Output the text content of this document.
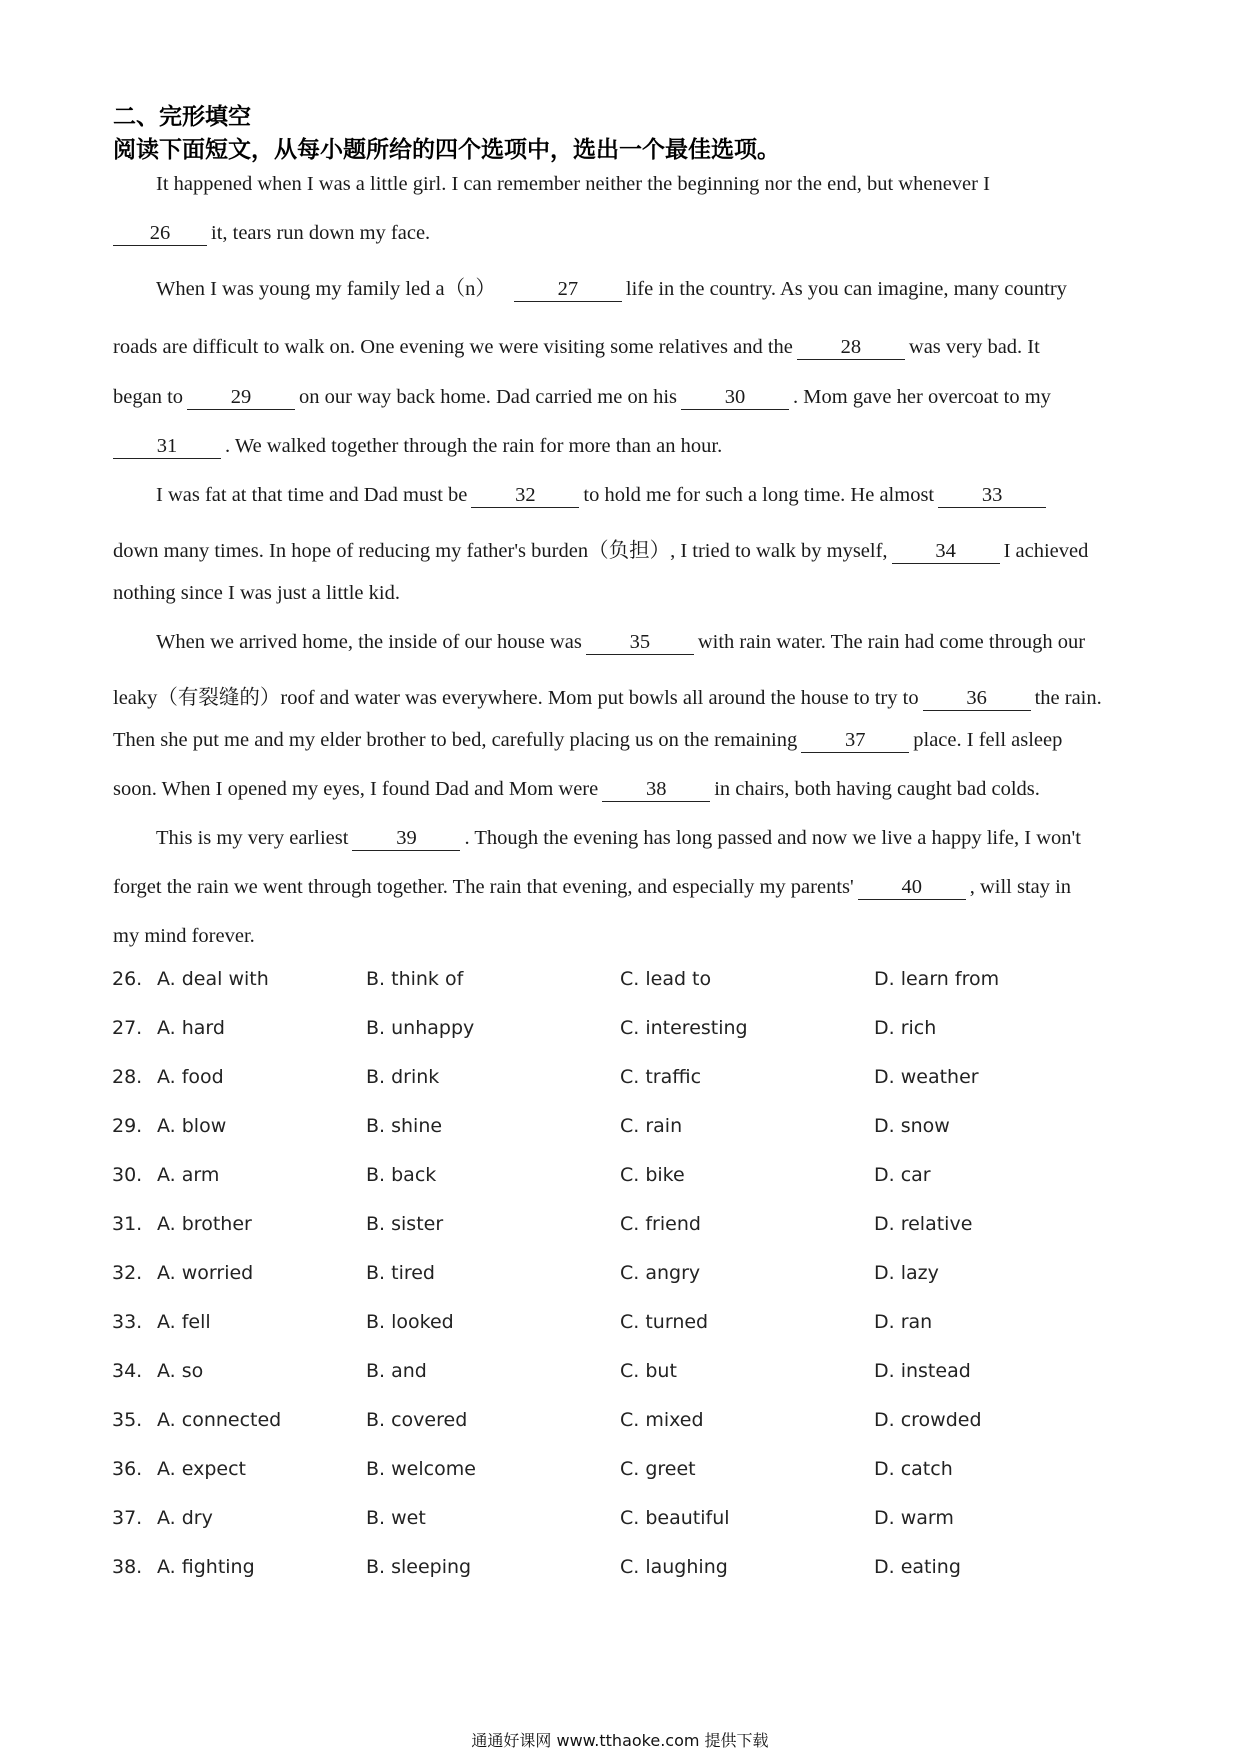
二、完形填空
阅读下面短文，从每小题所给的四个选项中，选出一个最佳选项。
It happened when I was a little girl. I can remember neither the beginning nor the end, but whenever I
26 it, tears run down my face.
When I was young my family led a（n）	27 life in the country. As you can imagine, many country
roads are difficult to walk on. One evening we were visiting some relatives and the 28 was very bad. It
began to 29 on our way back home. Dad carried me on his 30 . Mom gave her overcoat to my
31 . We walked together through the rain for more than an hour.
I was fat at that time and Dad must be 32 to hold me for such a long time. He almost 33
down many times. In hope of reducing my father's burden（负担）, I tried to walk by myself, 34 I achieved
nothing since I was just a little kid.
When we arrived home, the inside of our house was 35 with rain water. The rain had come through our
leaky（有裂缝的）roof and water was everywhere. Mom put bowls all around the house to try to 36 the rain.
Then she put me and my elder brother to bed, carefully placing us on the remaining 37 place. I fell asleep
soon. When I opened my eyes, I found Dad and Mom were 38 in chairs, both having caught bad colds.
This is my very earliest 39 . Though the evening has long passed and now we live a happy life, I won't
forget the rain we went through together. The rain that evening, and especially my parents' 40 , will stay in
my mind forever.
26. A. deal with	B. think of	C. lead to	D. learn from
27. A. hard	B. unhappy	C. interesting	D. rich
28. A. food	B. drink	C. traffic	D. weather
29. A. blow	B. shine	C. rain	D. snow
30. A. arm	B. back	C. bike	D. car
31. A. brother	B. sister	C. friend	D. relative
32. A. worried	B. tired	C. angry	D. lazy
33. A. fell	B. looked	C. turned	D. ran
34. A. so	B. and	C. but	D. instead
35. A. connected	B. covered	C. mixed	D. crowded
36. A. expect	B. welcome	C. greet	D. catch
37. A. dry	B. wet	C. beautiful	D. warm
38. A. fighting	B. sleeping	C. laughing	D. eating
通通好课网 www.tthaoke.com 提供下载
